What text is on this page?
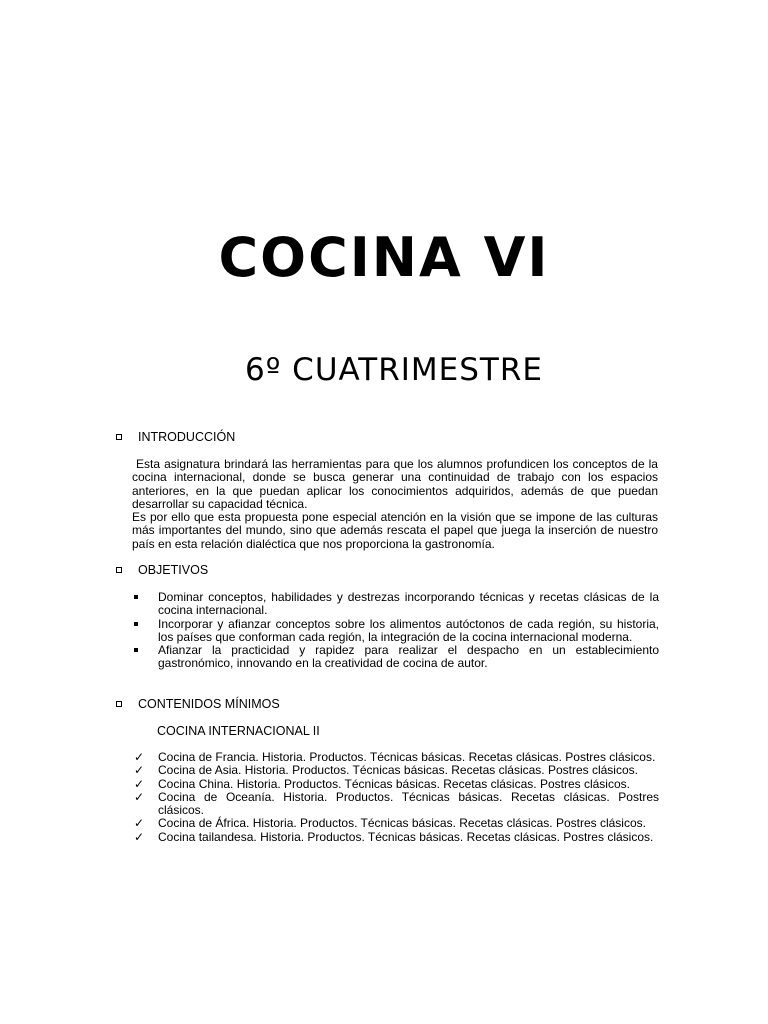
COCINA VI
6º CUATRIMESTRE
INTRODUCCIÓN

Esta asignatura brindará las herramientas para que los alumnos profundicen los conceptos de la cocina internacional, donde se busca generar una continuidad de trabajo con los espacios anteriores, en la que puedan aplicar los conocimientos adquiridos, además de que puedan desarrollar su capacidad técnica.

Es por ello que esta propuesta pone especial atención en la visión que se impone de las culturas más importantes del mundo, sino que además rescata el papel que juega la inserción de nuestro país en esta relación dialéctica que nos proporciona la gastronomía.

OBJETIVOS
Dominar conceptos, habilidades y destrezas incorporando técnicas y recetas clásicas de la cocina internacional.
Incorporar y afianzar conceptos sobre los alimentos autóctonos de cada región, su historia, los países que conforman cada región, la integración de la cocina internacional moderna.
Afianzar la practicidad y rapidez para realizar el despacho en un establecimiento gastronómico, innovando en la creatividad de cocina de autor.
CONTENIDOS MÍNIMOS
COCINA INTERNACIONAL II
✓ Cocina de Francia. Historia. Productos. Técnicas básicas. Recetas clásicas. Postres clásicos.
✓ Cocina de Asia. Historia. Productos. Técnicas básicas. Recetas clásicas. Postres clásicos.
✓ Cocina China. Historia. Productos. Técnicas básicas. Recetas clásicas. Postres clásicos.
✓ Cocina de Oceanía. Historia. Productos. Técnicas básicas. Recetas clásicas. Postres clásicos.
✓ Cocina de África. Historia. Productos. Técnicas básicas. Recetas clásicas. Postres clásicos.
✓ Cocina tailandesa. Historia. Productos. Técnicas básicas. Recetas clásicas. Postres clásicos.
